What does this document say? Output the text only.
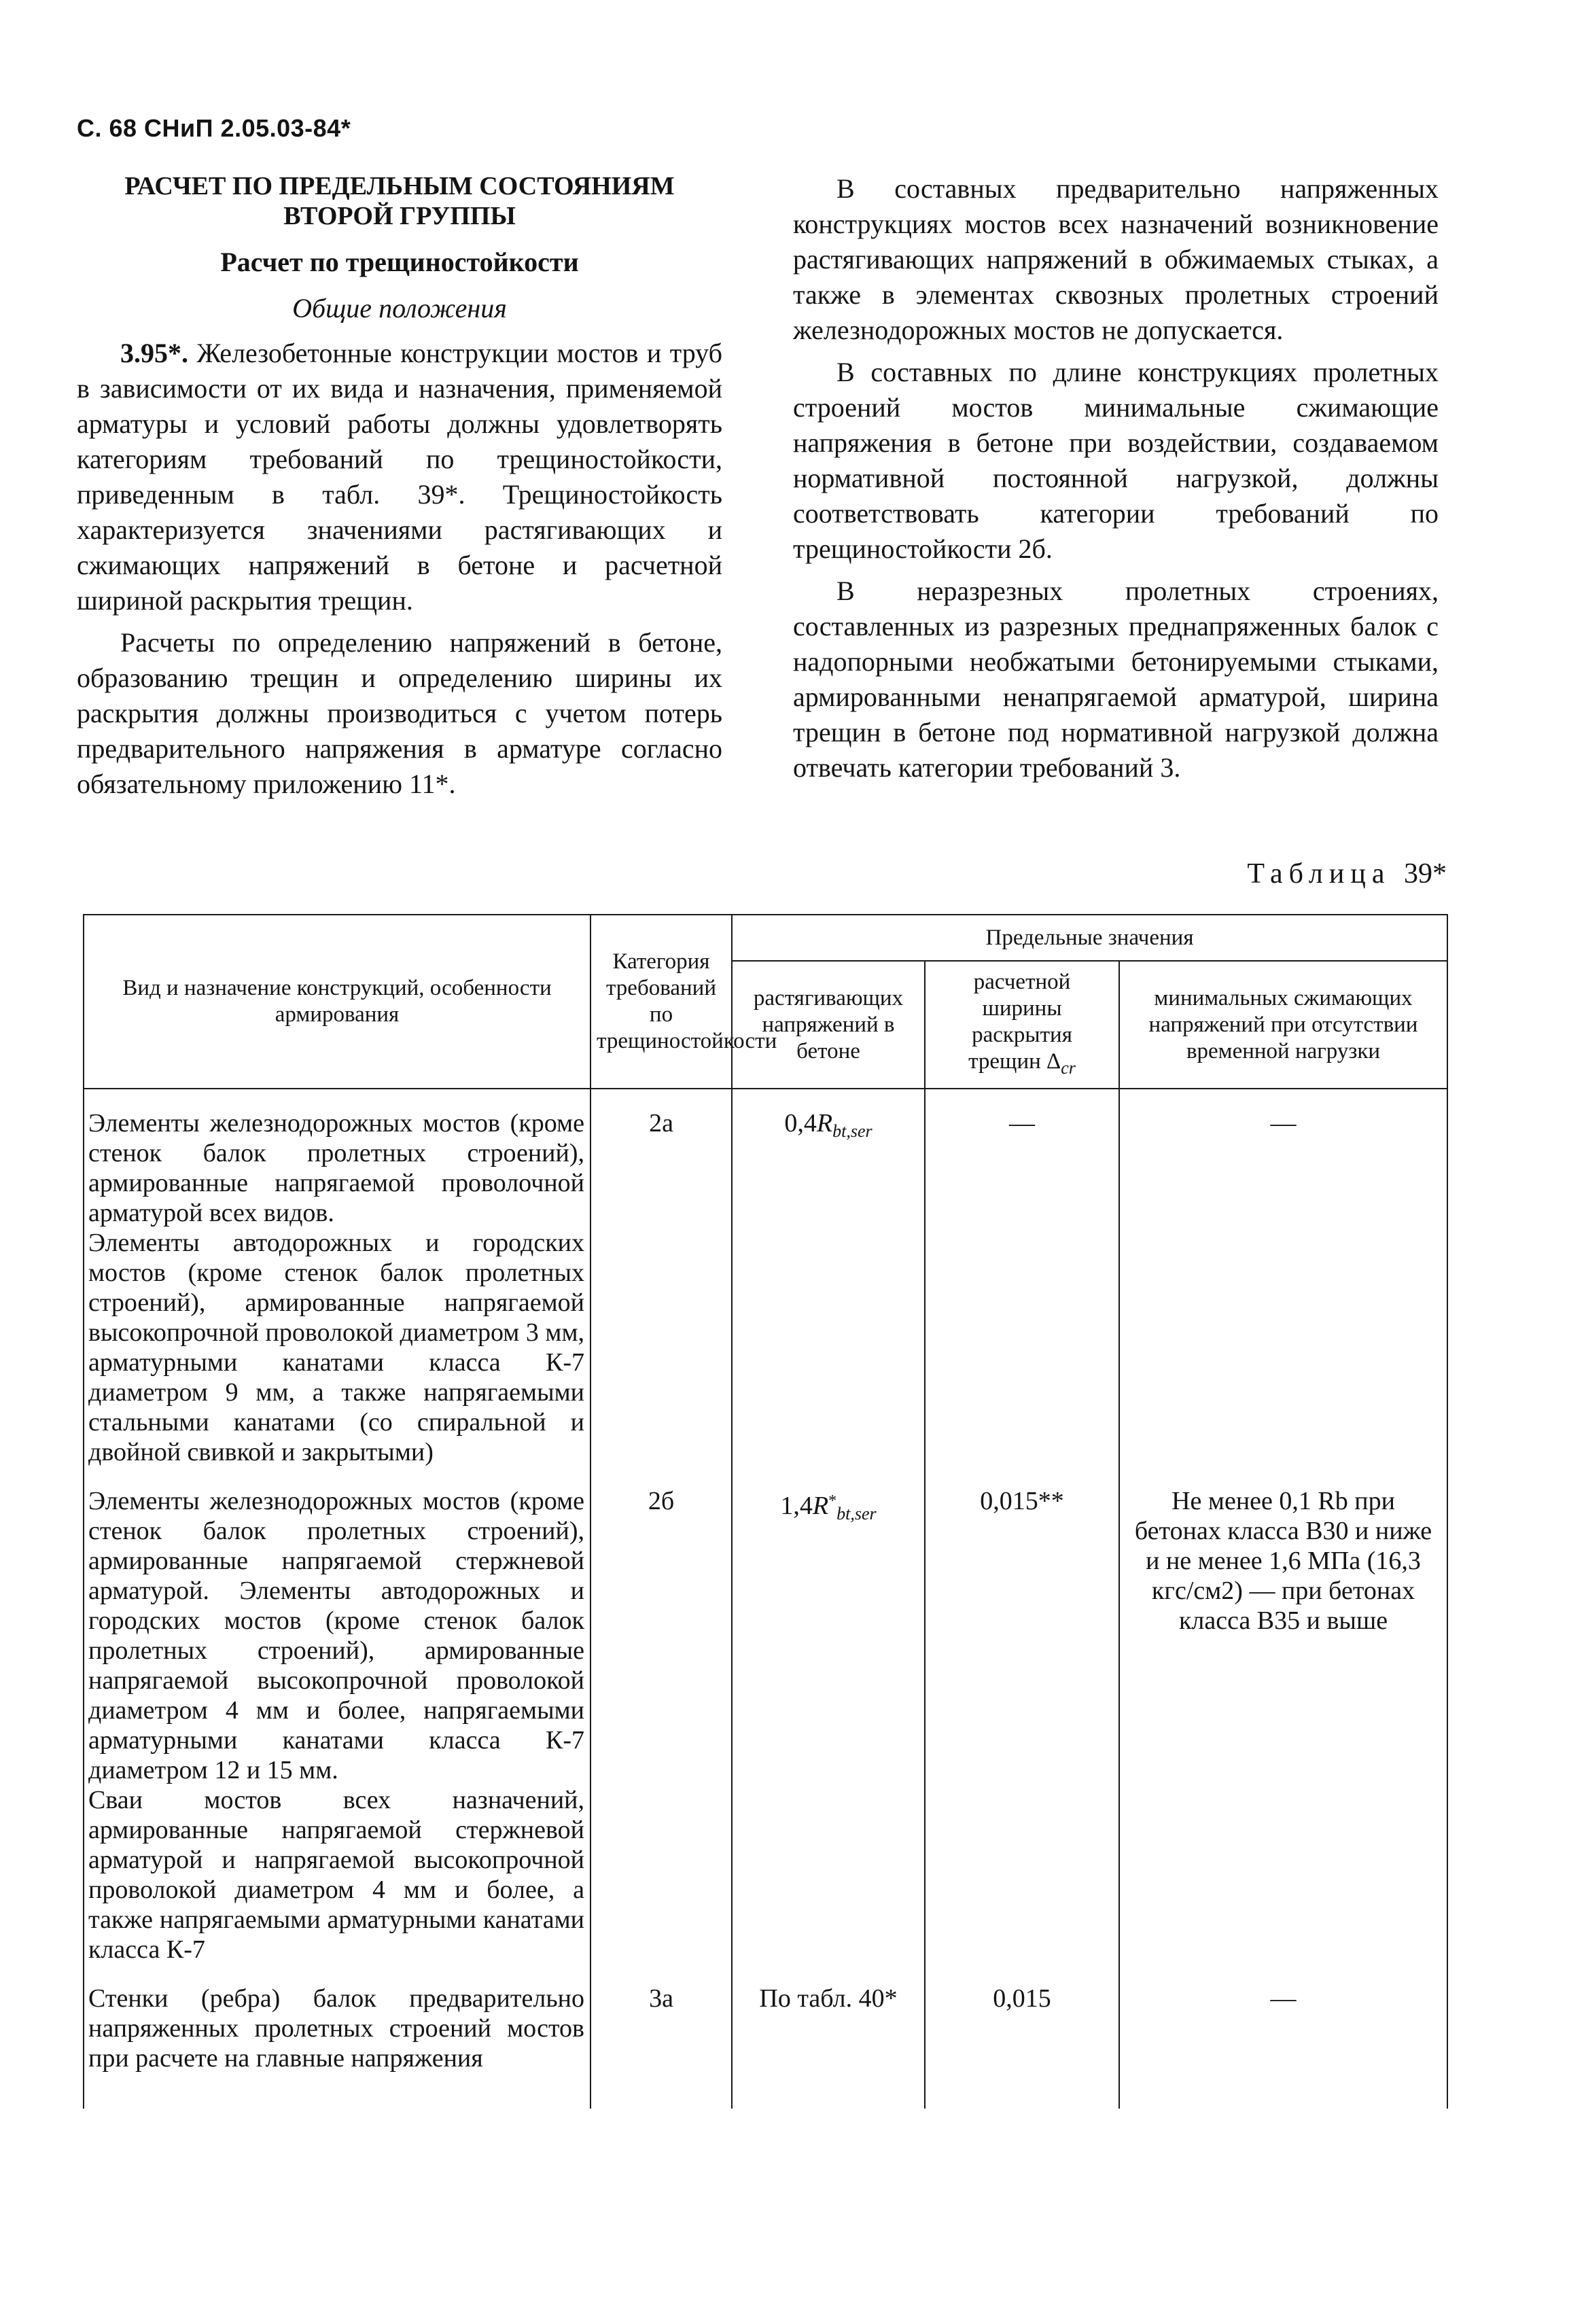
С. 68 СНиП 2.05.03-84*

РАСЧЕТ ПО ПРЕДЕЛЬНЫМ СОСТОЯНИЯМ ВТОРОЙ ГРУППЫ

Расчет по трещиностойкости

Общие положения

3.95*. Железобетонные конструкции мостов и труб в зависимости от их вида и назначения, применяемой арматуры и условий работы должны удовлетворять категориям требований по трещиностойкости, приведенным в табл. 39*. Трещиностойкость характеризуется значениями растягивающих и сжимающих напряжений в бетоне и расчетной шириной раскрытия трещин.

Расчеты по определению напряжений в бетоне, образованию трещин и определению ширины их раскрытия должны производиться с учетом потерь предварительного напряжения в арматуре согласно обязательному приложению 11*.

В составных предварительно напряженных конструкциях мостов всех назначений возникновение растягивающих напряжений в обжимаемых стыках, а также в элементах сквозных пролетных строений железнодорожных мостов не допускается.

В составных по длине конструкциях пролетных строений мостов минимальные сжимающие напряжения в бетоне при воздействии, создаваемом нормативной постоянной нагрузкой, должны соответствовать категории требований по трещиностойкости 2б.

В неразрезных пролетных строениях, составленных из разрезных преднапряженных балок с надопорными необжатыми бетонируемыми стыками, армированными ненапрягаемой арматурой, ширина трещин в бетоне под нормативной нагрузкой должна отвечать категории требований 3.

Таблица 39*
Вид и назначение конструкций, особенности армирования	Категория требований по трещиностойкости	Предельные значения		
		растягивающих напряжений в бетоне	расчетной ширины раскрытия трещин $\Delta_{cr}$	минимальных сжимающих напряжений при отсутствии временной нагрузки

Элементы железнодорожных мостов (кроме стенок балок пролетных строений), армированные напрягаемой проволочной арматурой всех видов.
Элементы автодорожных и городских мостов (кроме стенок балок пролетных строений), армированные напрягаемой высокопрочной проволокой диаметром 3 мм, арматурными канатами класса К-7 диаметром 9 мм, а также напрягаемыми стальными канатами (со спиральной и двойной свивкой и закрытыми)	2а	$0,4R_{bt,ser}$	—	—

Элементы железнодорожных мостов (кроме стенок балок пролетных строений), армированные напрягаемой стержневой арматурой. Элементы автодорожных и городских мостов (кроме стенок балок пролетных строений), армированные напрягаемой высокопрочной проволокой диаметром 4 мм и более, напрягаемыми арматурными канатами класса К-7 диаметром 12 и 15 мм.
Сваи мостов всех назначений, армированные напрягаемой стержневой арматурой и напрягаемой высокопрочной проволокой диаметром 4 мм и более, а также напрягаемыми арматурными канатами класса К-7	2б	$1,4R^*_{bt,ser}$	0,015**	Не менее 0,1 Rb при бетонах класса В30 и ниже и не менее 1,6 МПа (16,3 кгс/см2) — при бетонах класса В35 и выше

Стенки (ребра) балок предварительно напряженных пролетных строений мостов при расчете на главные напряжения	3а	По табл. 40*	0,015	—
